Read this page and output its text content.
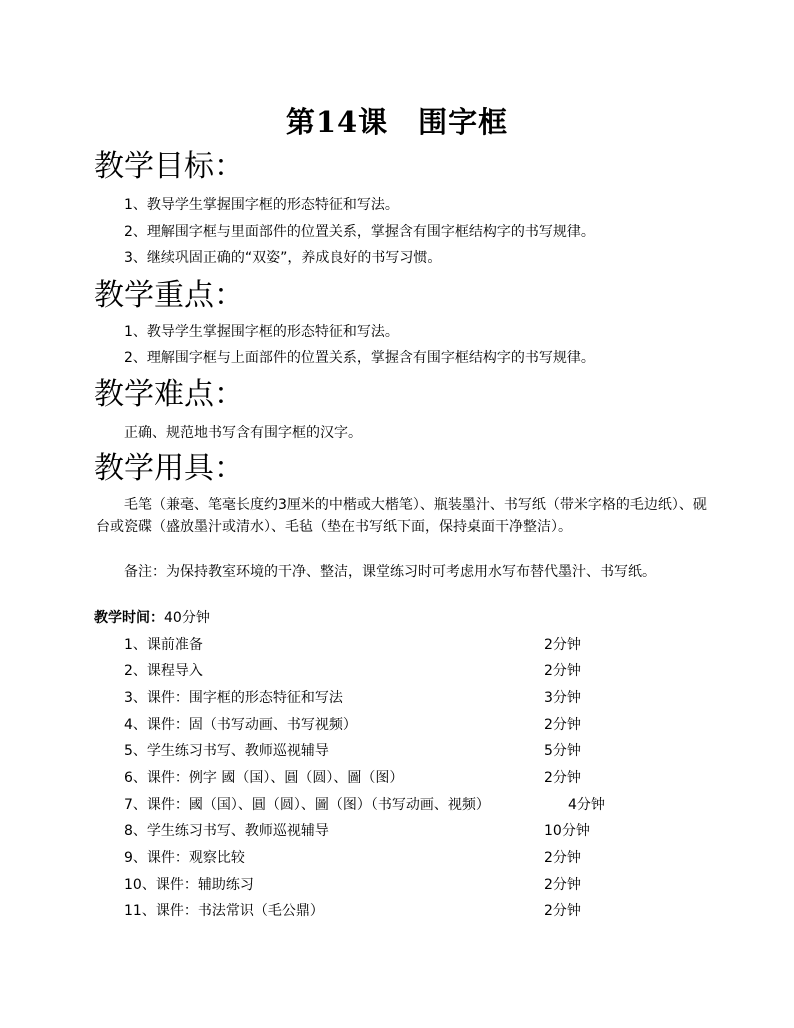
第14课　围字框
教学目标：
1、教导学生掌握围字框的形态特征和写法。
2、理解围字框与里面部件的位置关系，掌握含有围字框结构字的书写规律。
3、继续巩固正确的“双姿”，养成良好的书写习惯。
教学重点：
1、教导学生掌握围字框的形态特征和写法。
2、理解围字框与上面部件的位置关系，掌握含有围字框结构字的书写规律。
教学难点：
正确、规范地书写含有围字框的汉字。
教学用具：
毛笔（兼毫、笔毫长度约3厘米的中楷或大楷笔）、瓶装墨汁、书写纸（带米字格的毛边纸）、砚台或瓷碟（盛放墨汁或清水）、毛毡（垫在书写纸下面，保持桌面干净整洁）。
备注：为保持教室环境的干净、整洁，课堂练习时可考虑用水写布替代墨汁、书写纸。
教学时间：40分钟
1、课前准备	2分钟
2、课程导入	2分钟
3、课件：围字框的形态特征和写法	3分钟
4、课件：固（书写动画、书写视频）	2分钟
5、学生练习书写、教师巡视辅导	5分钟
6、课件：例字 國（国）、圓（圆）、圖（图）	2分钟
7、课件：國（国）、圓（圆）、圖（图）（书写动画、视频）	4分钟
8、学生练习书写、教师巡视辅导	10分钟
9、课件：观察比较	2分钟
10、课件：辅助练习	2分钟
11、课件：书法常识（毛公鼎）	2分钟
